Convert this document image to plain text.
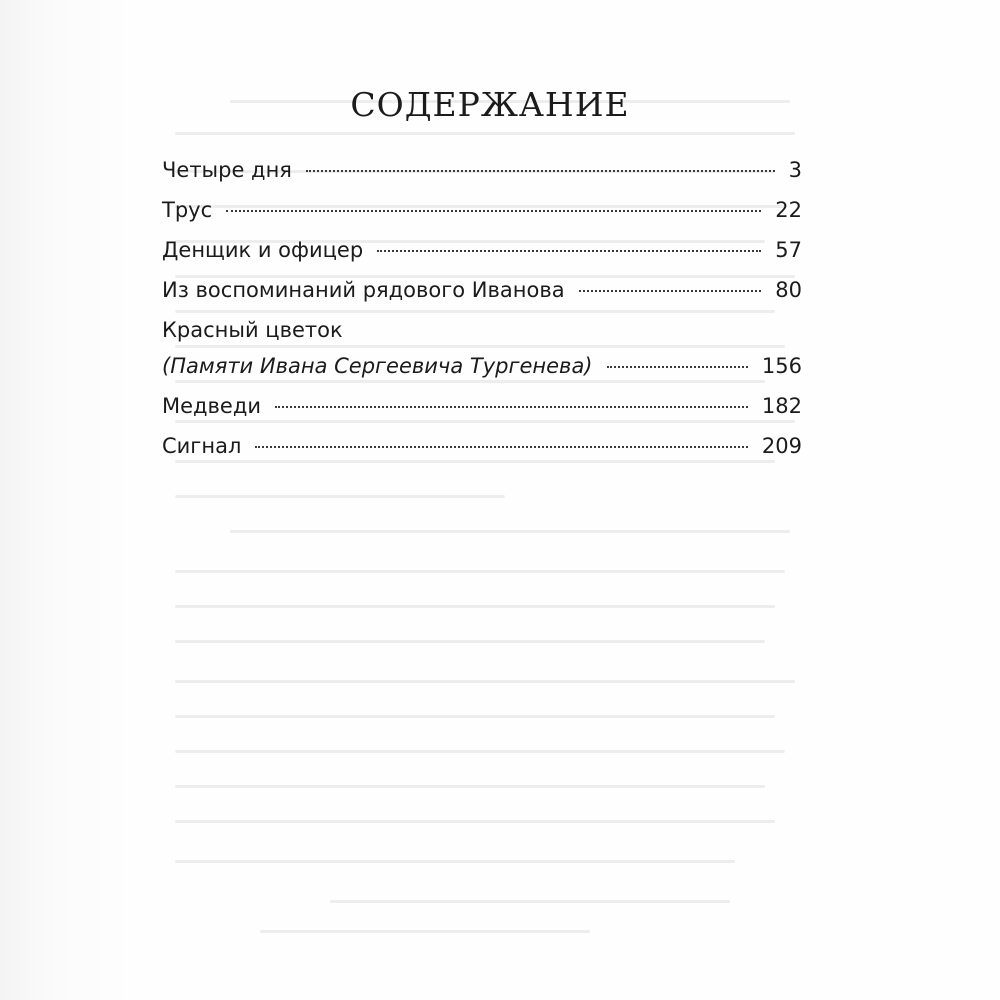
СОДЕРЖАНИЕ
Четыре дня	3
Трус	22
Денщик и офицер	57
Из воспоминаний рядового Иванова	80
Красный цветок
(Памяти Ивана Сергеевича Тургенева)	156
Медведи	182
Сигнал	209
